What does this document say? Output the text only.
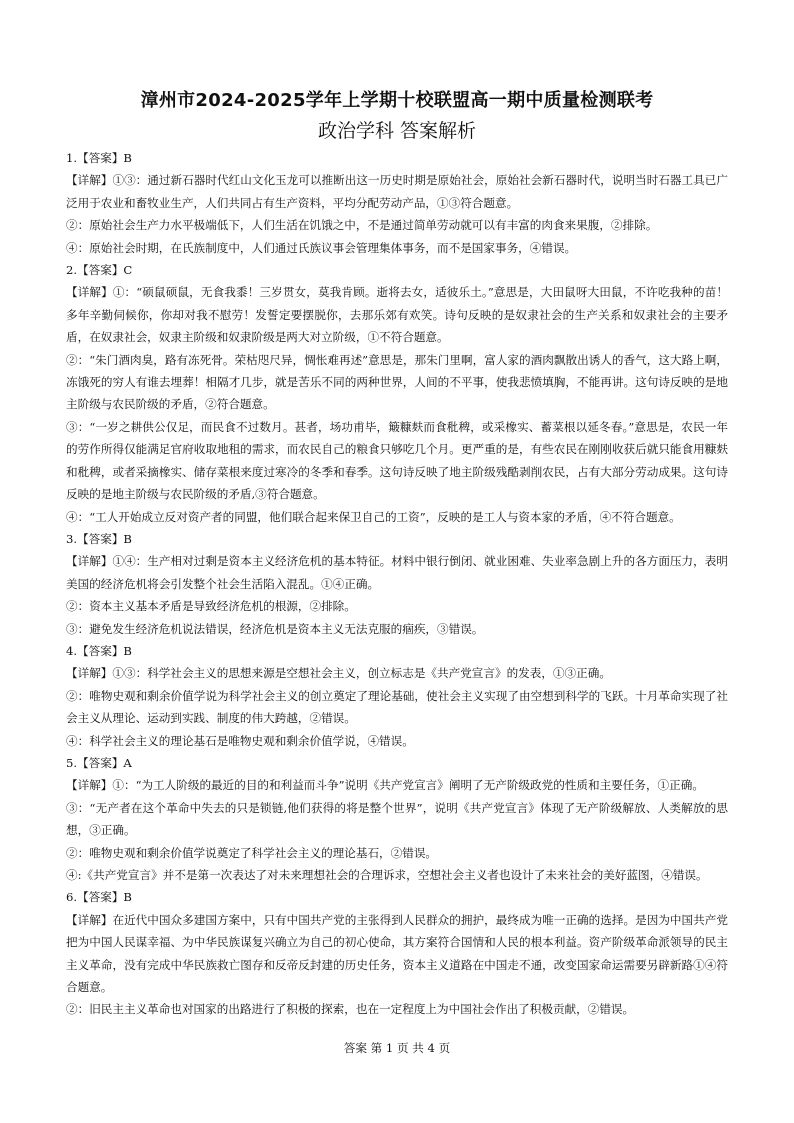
漳州市2024-2025学年上学期十校联盟高一期中质量检测联考
政治学科 答案解析

1.【答案】B

【详解】①③：通过新石器时代红山文化玉龙可以推断出这一历史时期是原始社会，原始社会新石器时代，说明当时石器工具已广泛用于农业和畜牧业生产，人们共同占有生产资料，平均分配劳动产品，①③符合题意。

②：原始社会生产力水平极端低下，人们生活在饥饿之中，不是通过简单劳动就可以有丰富的肉食来果腹，②排除。

④：原始社会时期，在氏族制度中，人们通过氏族议事会管理集体事务，而不是国家事务，④错误。

2.【答案】C

【详解】①：“硕鼠硕鼠，无食我黍！三岁贯女，莫我肯顾。逝将去女，适彼乐土。”意思是，大田鼠呀大田鼠，不许吃我种的苗！多年辛勤伺候你，你却对我不慰劳！发誓定要摆脱你，去那乐郊有欢笑。诗句反映的是奴隶社会的生产关系和奴隶社会的主要矛盾，在奴隶社会，奴隶主阶级和奴隶阶级是两大对立阶级，①不符合题意。

②：“朱门酒肉臭，路有冻死骨。荣枯咫尺异，惆怅难再述”意思是，那朱门里啊，富人家的酒肉飘散出诱人的香气，这大路上啊，冻饿死的穷人有谁去埋葬！相隔才几步，就是苦乐不同的两种世界，人间的不平事，使我悲愤填胸，不能再讲。这句诗反映的是地主阶级与农民阶级的矛盾，②符合题意。

③：“一岁之耕供公仅足，而民食不过数月。甚者，场功甫毕，簸糠麸而食秕稗，或采橡实、蓄菜根以延冬春。”意思是，农民一年的劳作所得仅能满足官府收取地租的需求，而农民自己的粮食只够吃几个月。更严重的是，有些农民在刚刚收获后就只能食用糠麸和秕稗，或者采摘橡实、储存菜根来度过寒冷的冬季和春季。这句诗反映了地主阶级残酷剥削农民，占有大部分劳动成果。这句诗反映的是地主阶级与农民阶级的矛盾,③符合题意。

④：“工人开始成立反对资产者的同盟，他们联合起来保卫自己的工资”，反映的是工人与资本家的矛盾，④不符合题意。

3.【答案】B

【详解】①④：生产相对过剩是资本主义经济危机的基本特征。材料中银行倒闭、就业困难、失业率急剧上升的各方面压力，表明美国的经济危机将会引发整个社会生活陷入混乱。①④正确。

②：资本主义基本矛盾是导致经济危机的根源，②排除。

③：避免发生经济危机说法错误，经济危机是资本主义无法克服的痼疾，③错误。

4.【答案】B

【详解】①③：科学社会主义的思想来源是空想社会主义，创立标志是《共产党宣言》的发表，①③正确。

②：唯物史观和剩余价值学说为科学社会主义的创立奠定了理论基础，使社会主义实现了由空想到科学的飞跃。十月革命实现了社会主义从理论、运动到实践、制度的伟大跨越，②错误。

④：科学社会主义的理论基石是唯物史观和剩余价值学说，④错误。

5.【答案】A

【详解】①：“为工人阶级的最近的目的和利益而斗争”说明《共产党宣言》阐明了无产阶级政党的性质和主要任务，①正确。

③：“无产者在这个革命中失去的只是锁链,他们获得的将是整个世界”，说明《共产党宣言》体现了无产阶级解放、人类解放的思想，③正确。

②：唯物史观和剩余价值学说奠定了科学社会主义的理论基石，②错误。

④:《共产党宣言》并不是第一次表达了对未来理想社会的合理诉求，空想社会主义者也设计了未来社会的美好蓝图，④错误。

6.【答案】B

【详解】在近代中国众多建国方案中，只有中国共产党的主张得到人民群众的拥护，最终成为唯一正确的选择。是因为中国共产党把为中国人民谋幸福、为中华民族谋复兴确立为自己的初心使命，其方案符合国情和人民的根本利益。资产阶级革命派领导的民主主义革命，没有完成中华民族救亡图存和反帝反封建的历史任务，资本主义道路在中国走不通，改变国家命运需要另辟新路①④符合题意。

②：旧民主主义革命也对国家的出路进行了积极的探索，也在一定程度上为中国社会作出了积极贡献，②错误。

答案 第 1 页 共 4 页
